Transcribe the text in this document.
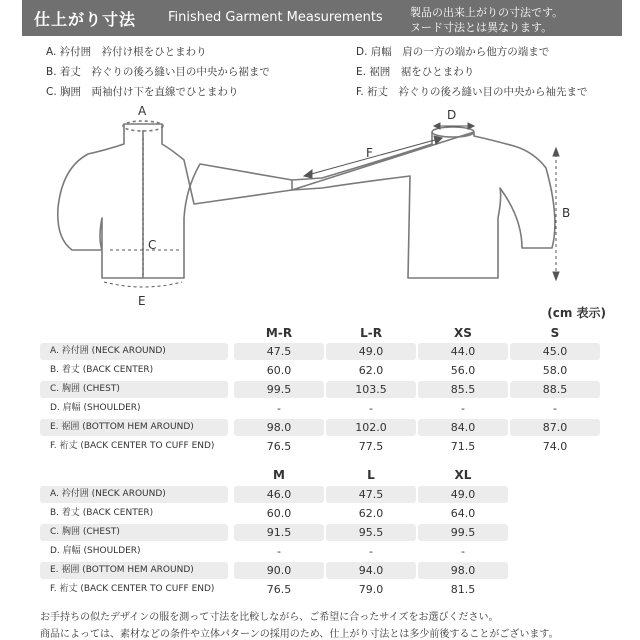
仕上がり寸法 Finished Garment Measurements 製品の出来上がりの寸法です。
ヌード寸法とは異なります。
A. 衿付囲　衿付け根をひとまわり
B. 着丈　衿ぐりの後ろ縫い目の中央から裾まで
C. 胸囲　両袖付け下を直線でひとまわり
D. 肩幅　肩の一方の端から他方の端まで
E. 裾囲　裾をひとまわり
F. 裄丈　衿ぐりの後ろ縫い目の中央から袖先まで
A
C
E
D
F
B
(cm 表示)
M-R	L-R	XS	S
A. 衿付囲 (NECK AROUND)	47.5	49.0	44.0	45.0
B. 着丈 (BACK CENTER)	60.0	62.0	56.0	58.0
C. 胸囲 (CHEST)	99.5	103.5	85.5	88.5
D. 肩幅 (SHOULDER)	-	-	-	-
E. 裾囲 (BOTTOM HEM AROUND)	98.0	102.0	84.0	87.0
F. 裄丈 (BACK CENTER TO CUFF END)	76.5	77.5	71.5	74.0
M	L	XL
A. 衿付囲 (NECK AROUND)	46.0	47.5	49.0
B. 着丈 (BACK CENTER)	60.0	62.0	64.0
C. 胸囲 (CHEST)	91.5	95.5	99.5
D. 肩幅 (SHOULDER)	-	-	-
E. 裾囲 (BOTTOM HEM AROUND)	90.0	94.0	98.0
F. 裄丈 (BACK CENTER TO CUFF END)	76.5	79.0	81.5
お手持ちの似たデザインの服を測って寸法を比較しながら、ご希望に合ったサイズをお選びください。
商品によっては、素材などの条件や立体パターンの採用のため、仕上がり寸法とは多少前後することがございます。
